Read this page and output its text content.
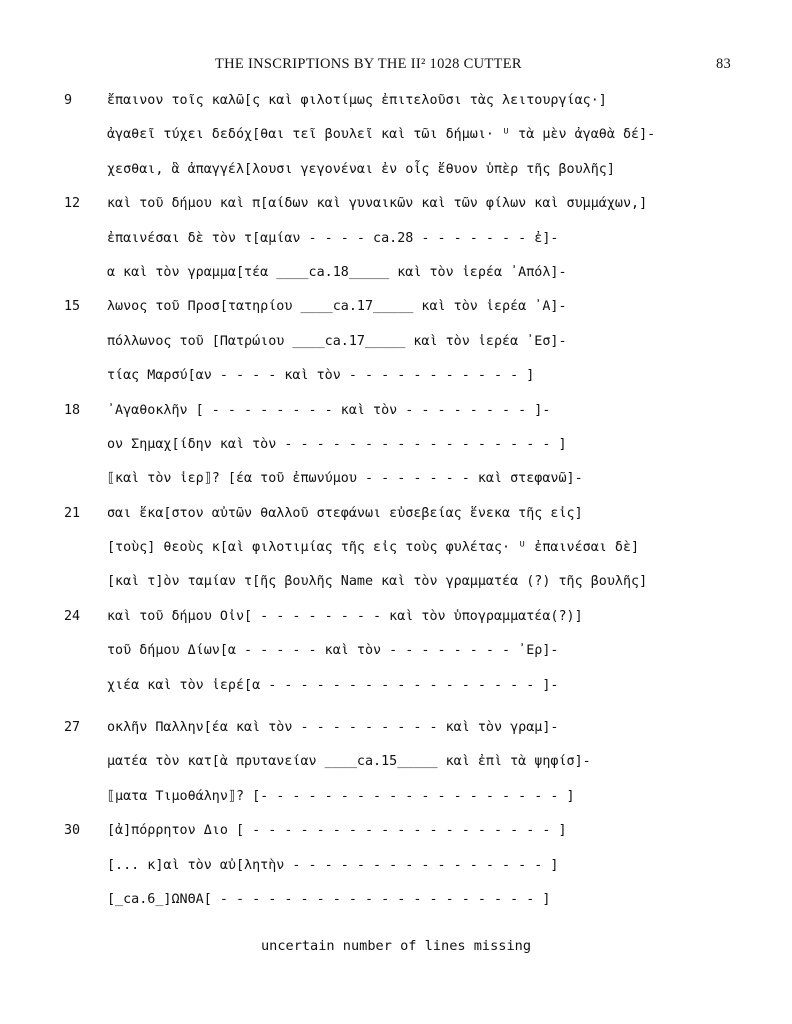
THE INSCRIPTIONS BY THE II² 1028 CUTTER	83
9	ἔπαινον τοῖς καλῶ[ς καὶ φιλοτίμως ἐπιτελοῦσι τὰς λειτουργίας·]
ἀγαθεῖ τύχει δεδόχ[θαι τεῖ βουλεῖ καὶ τῶι δήμωι· ᵁ τὰ μὲν ἀγαθὰ δέ]-
χεσθαι, ἃ ἀπαγγέλ[λουσι γεγονέναι ἐν οἷς ἔθυον ὑπὲρ τῆς βουλῆς]
12 καὶ τοῦ δήμου καὶ π[αίδων καὶ γυναικῶν καὶ τῶν φίλων καὶ συμμάχων,]
ἐπαινέσαι δὲ τὸν τ[αμίαν - - - - ca.28 - - - - - - - ἐ]-
α καὶ τὸν γραμμα[τέα ____ca.18_____ καὶ τὸν ἱερέα ᾿Απόλ]-
15 λωνος τοῦ Προσ[τατηρίου ____ca.17_____ καὶ τὸν ἱερέα ᾿Α]-
πόλλωνος τοῦ [Πατρώιου ____ca.17_____ καὶ τὸν ἱερέα ᾿Εσ]-
τίας Μαρσύ[αν - - - - καὶ τὸν - - - - - - - - - - - ]
18 ᾿Αγαθοκλῆν [ - - - - - - - - καὶ τὸν - - - - - - - - ]-
ον Σημαχ[ίδην καὶ τὸν - - - - - - - - - - - - - - - - - ]
⟦καὶ τὸν ἱερ⟧? [έα τοῦ ἐπωνύμου - - - - - - - καὶ στεφανῶ]-
21 σαι ἕκα[στον αὐτῶν θαλλοῦ στεφάνωι εὐσεβείας ἕνεκα τῆς εἰς]
[τοὺς] θεοὺς κ[αὶ φιλοτιμίας τῆς εἰς τοὺς φυλέτας· ᵁ ἐπαινέσαι δὲ]
[καὶ τ]ὸν ταμίαν τ[ῆς βουλῆς Name καὶ τὸν γραμματέα (?) τῆς βουλῆς]
24 καὶ τοῦ δήμου Οἰν[ - - - - - - - - καὶ τὸν ὑπογραμματέα(?)]
τοῦ δήμου Δίων[α - - - - - καὶ τὸν - - - - - - - - ᾿Ερ]-
χιέα καὶ τὸν ἱερέ[α - - - - - - - - - - - - - - - - - ]-
27 οκλῆν Παλλην[έα καὶ τὸν - - - - - - - - - καὶ τὸν γραμ]-
ματέα τὸν κατ[ὰ πρυτανείαν ____ca.15_____ καὶ ἐπὶ τὰ ψηφίσ]-
⟦ματα Τιμοθάλην⟧? [- - - - - - - - - - - - - - - - - - - ]
30 [ἀ]πόρρητον Διο [ - - - - - - - - - - - - - - - - - - - ]
[... κ]αὶ τὸν αὐ[λητὴν - - - - - - - - - - - - - - - - ]
[_ca.6_]ΩΝΘΑ[ - - - - - - - - - - - - - - - - - - - - ]
uncertain number of lines missing
